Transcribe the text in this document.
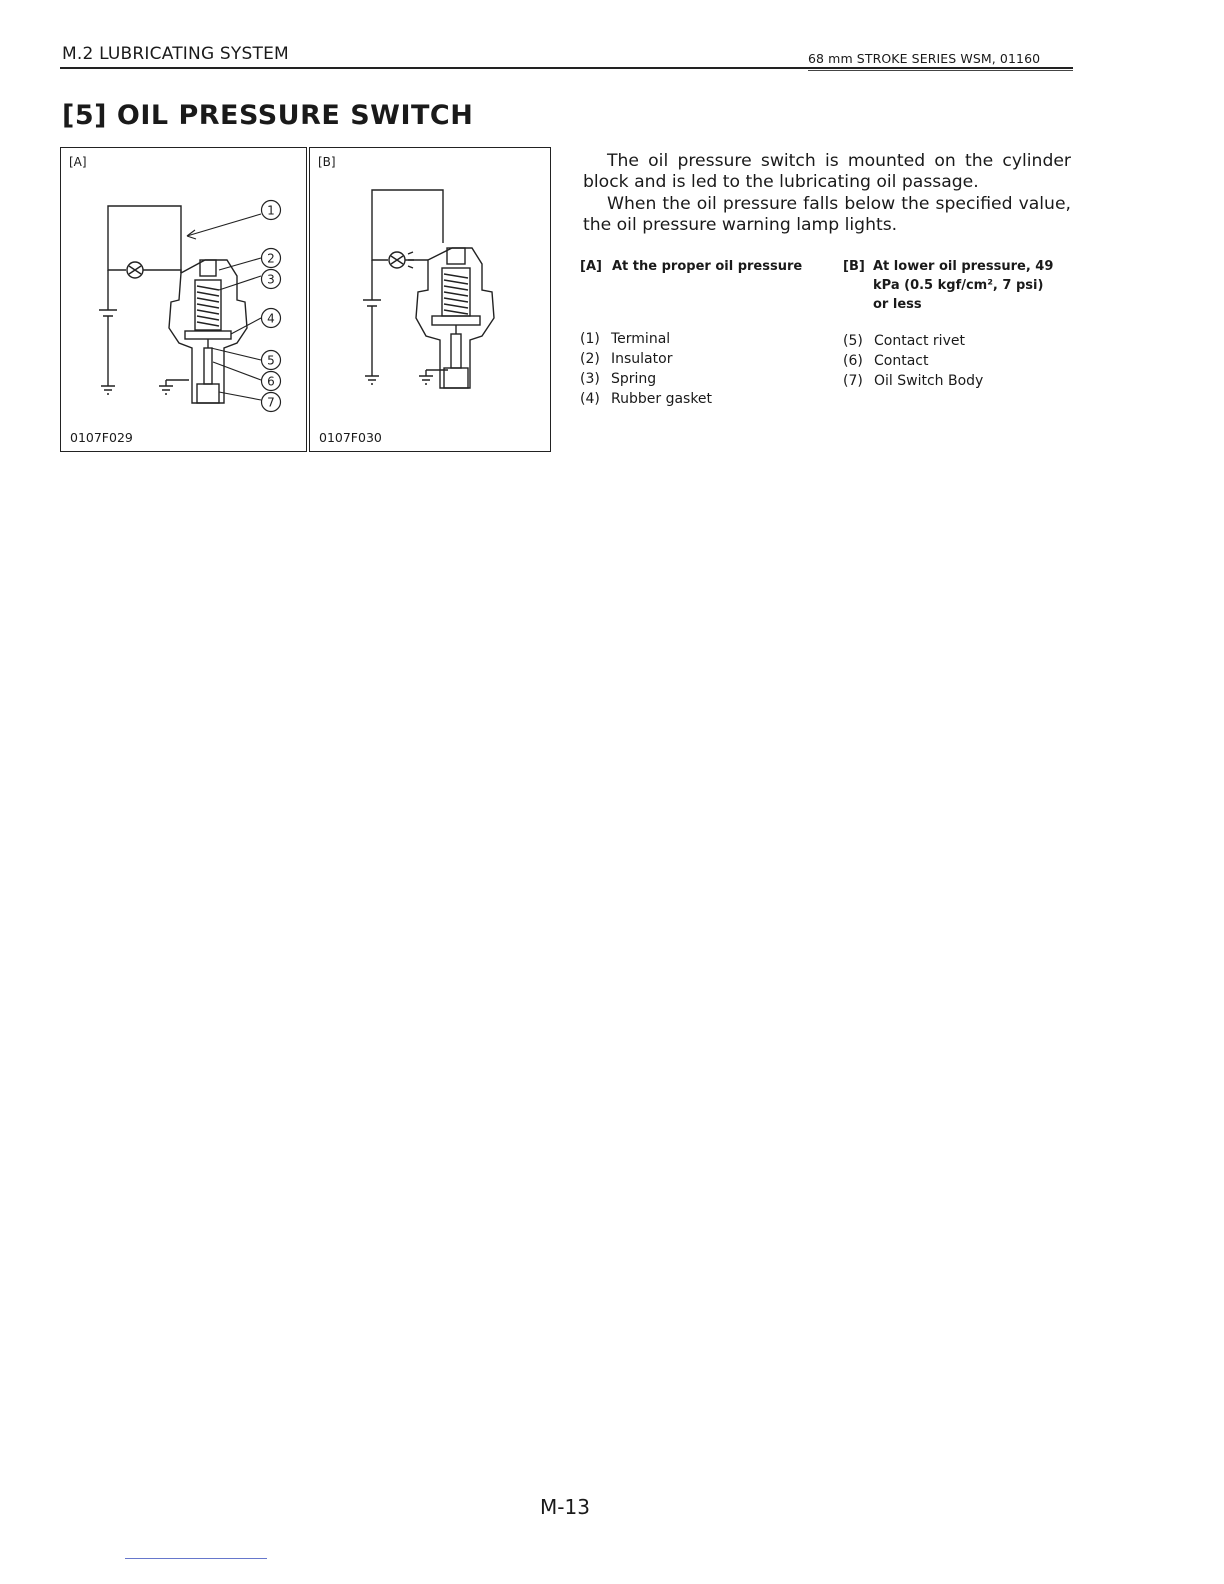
M.2 LUBRICATING SYSTEM	68 mm STROKE SERIES WSM, 01160
[5] OIL PRESSURE SWITCH
[A]
1
2
3
4
5
6
7
0107F029
[B]
0107F030

The oil pressure switch is mounted on the cylinder block and is led to the lubricating oil passage.

When the oil pressure falls below the specified value, the oil pressure warning lamp lights.

[A] At the proper oil pressure	[B] At lower oil pressure, 49 kPa (0.5 kgf/cm², 7 psi) or less
(1) Terminal
(2) Insulator
(3) Spring
(4) Rubber gasket
(5) Contact rivet
(6) Contact
(7) Oil Switch Body
M-13
